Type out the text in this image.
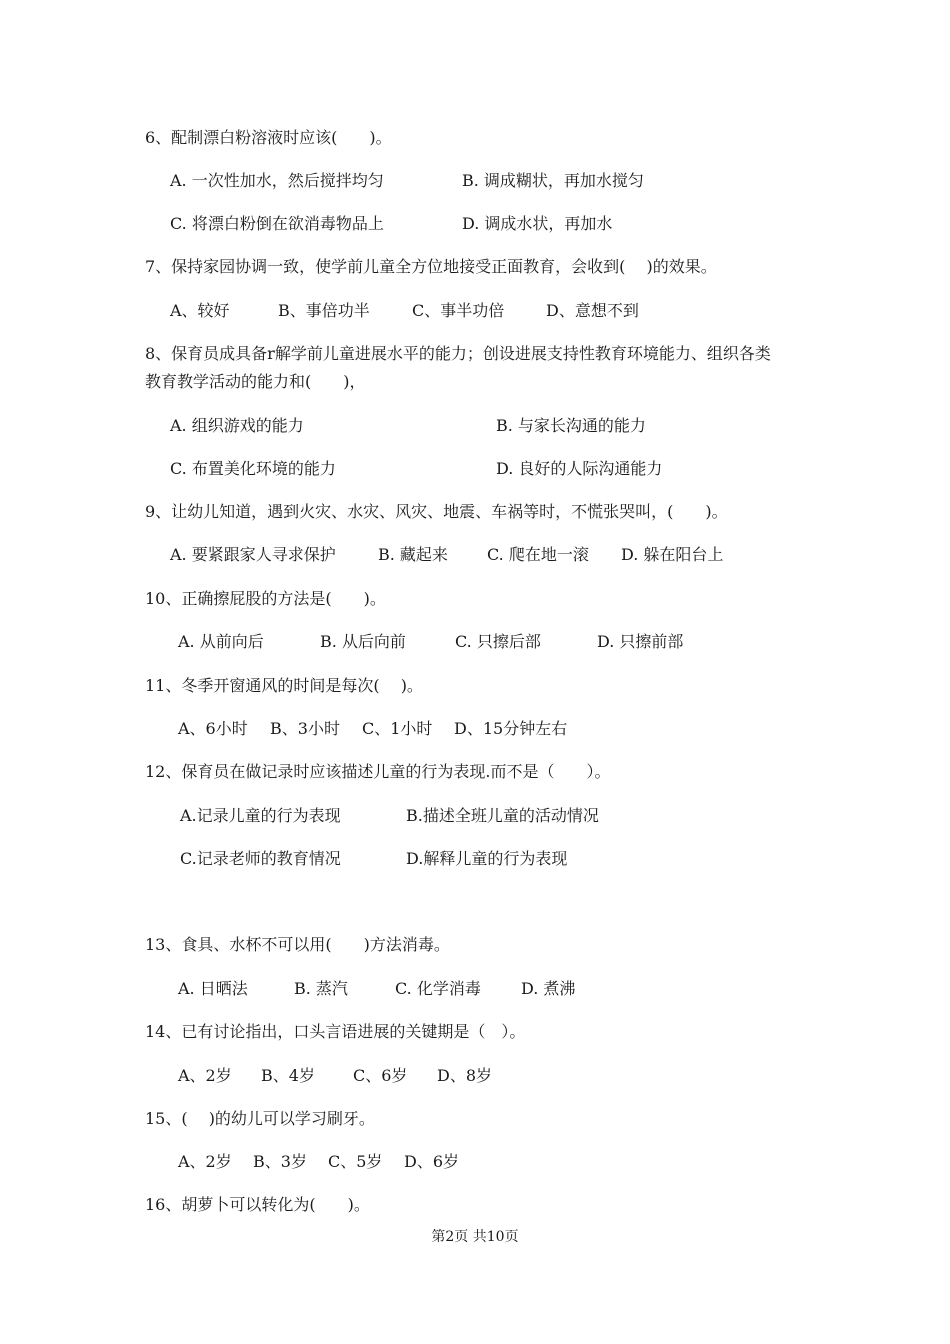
6、配制漂白粉溶液时应该(　　)。
A. 一次性加水，然后搅拌均匀	B. 调成糊状，再加水搅匀
C. 将漂白粉倒在欲消毒物品上	D. 调成水状，再加水
7、保持家园协调一致，使学前儿童全方位地接受正面教育，会收到(　 )的效果。
A、较好	B、事倍功半	C、事半功倍	D、意想不到
8、保育员成具备r解学前儿童进展水平的能力；创设进展支持性教育环境能力、组织各类
教育教学活动的能力和(　　)，
A. 组织游戏的能力	B. 与家长沟通的能力
C. 布置美化环境的能力	D. 良好的人际沟通能力
9、让幼儿知道，遇到火灾、水灾、风灾、地震、车祸等时，不慌张哭叫，(　　)。
A. 要紧跟家人寻求保护	B. 藏起来 C. 爬在地一滚 D. 躲在阳台上
10、正确擦屁股的方法是(　　)。
A. 从前向后	B. 从后向前	C. 只擦后部	D. 只擦前部
11、冬季开窗通风的时间是每次(　 )。
A、6小时 B、3小时 C、1小时 D、15分钟左右
12、保育员在做记录时应该描述儿童的行为表现.而不是（　　）。
A.记录儿童的行为表现	B.描述全班儿童的活动情况
C.记录老师的教育情况	D.解释儿童的行为表现
13、食具、水杯不可以用(　　)方法消毒。
A. 日晒法	B. 蒸汽	C. 化学消毒	D. 煮沸
14、已有讨论指出，口头言语进展的关键期是（　）。
A、2岁 B、4岁 C、6岁 D、8岁
15、(　 )的幼儿可以学习刷牙。
A、2岁 B、3岁 C、5岁 D、6岁
16、胡萝卜可以转化为(　　)。
第2页 共10页
